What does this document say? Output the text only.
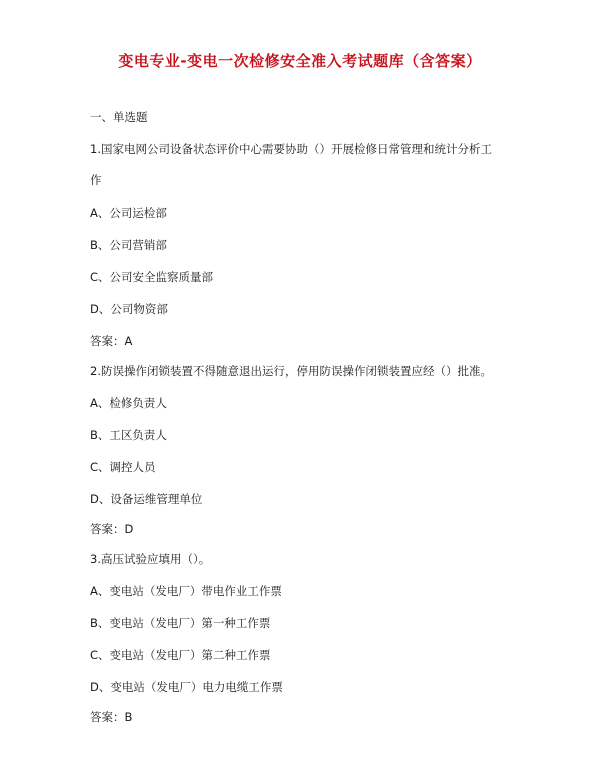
变电专业-变电一次检修安全准入考试题库（含答案）
一、单选题
1.国家电网公司设备状态评价中心需要协助（）开展检修日常管理和统计分析工
作
A、公司运检部
B、公司营销部
C、公司安全监察质量部
D、公司物资部
答案：A
2.防误操作闭锁装置不得随意退出运行，停用防误操作闭锁装置应经（）批准。
A、检修负责人
B、工区负责人
C、调控人员
D、设备运维管理单位
答案：D
3.高压试验应填用（）。
A、变电站（发电厂）带电作业工作票
B、变电站（发电厂）第一种工作票
C、变电站（发电厂）第二种工作票
D、变电站（发电厂）电力电缆工作票
答案：B
